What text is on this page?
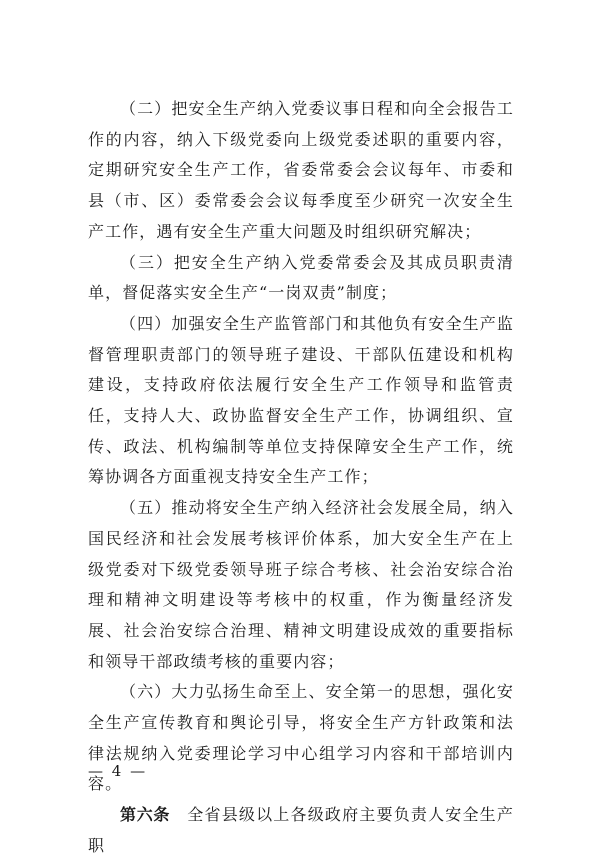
（二）把安全生产纳入党委议事日程和向全会报告工作的内容，纳入下级党委向上级党委述职的重要内容，定期研究安全生产工作，省委常委会会议每年、市委和县（市、区）委常委会会议每季度至少研究一次安全生产工作，遇有安全生产重大问题及时组织研究解决；

（三）把安全生产纳入党委常委会及其成员职责清单，督促落实安全生产“一岗双责”制度；

（四）加强安全生产监管部门和其他负有安全生产监督管理职责部门的领导班子建设、干部队伍建设和机构建设，支持政府依法履行安全生产工作领导和监管责任，支持人大、政协监督安全生产工作，协调组织、宣传、政法、机构编制等单位支持保障安全生产工作，统筹协调各方面重视支持安全生产工作；

（五）推动将安全生产纳入经济社会发展全局，纳入国民经济和社会发展考核评价体系，加大安全生产在上级党委对下级党委领导班子综合考核、社会治安综合治理和精神文明建设等考核中的权重，作为衡量经济发展、社会治安综合治理、精神文明建设成效的重要指标和领导干部政绩考核的重要内容；

（六）大力弘扬生命至上、安全第一的思想，强化安全生产宣传教育和舆论引导，将安全生产方针政策和法律法规纳入党委理论学习中心组学习内容和干部培训内容。

第六条　全省县级以上各级政府主要负责人安全生产职

— 4 —
